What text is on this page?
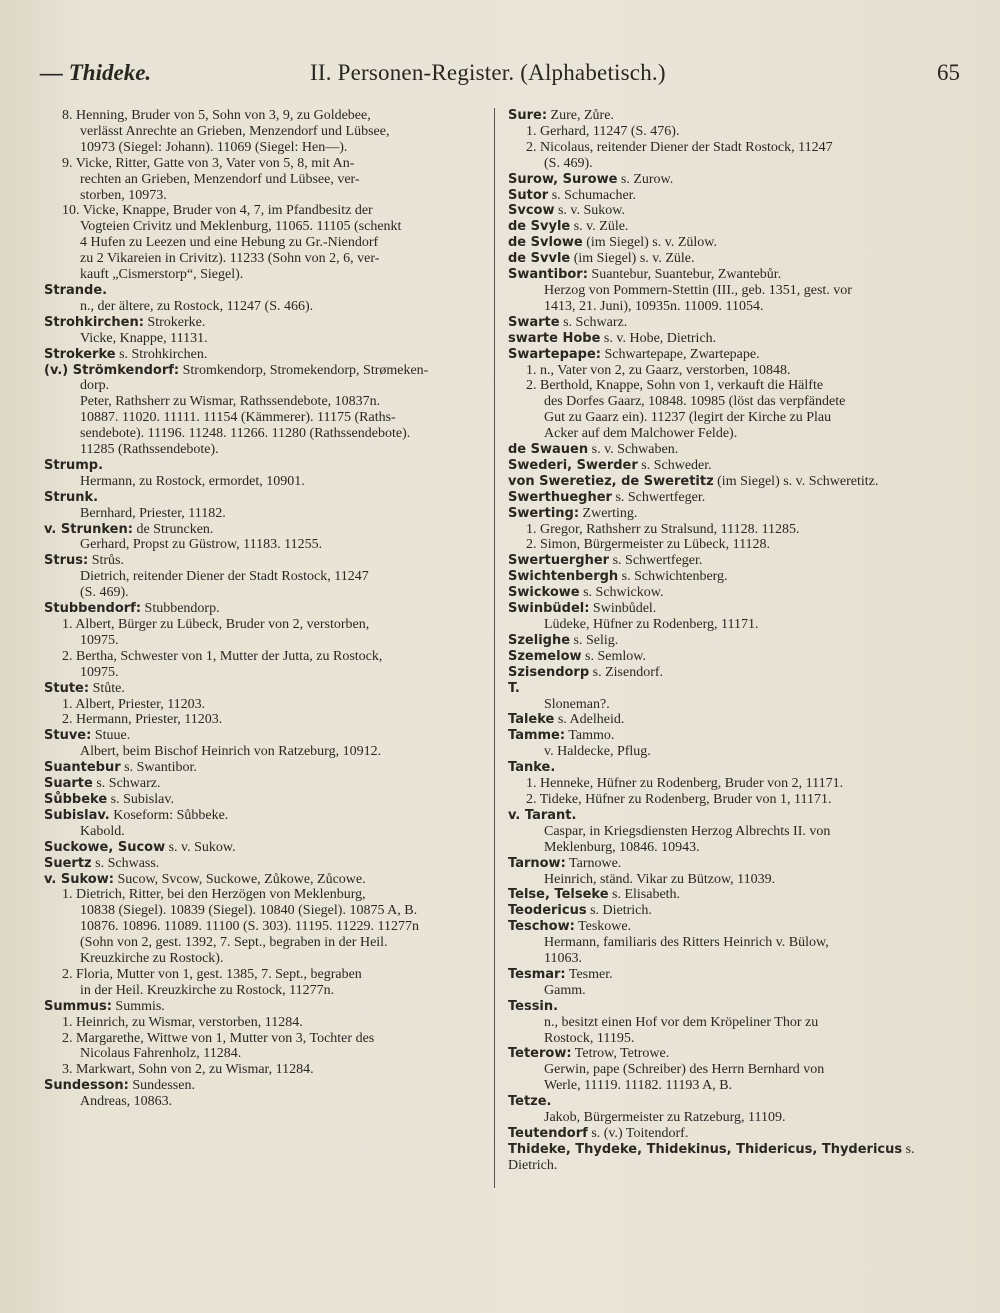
— Thideke.	II. Personen-Register. (Alphabetisch.)	65
8. Henning, Bruder von 5, Sohn von 3, 9, zu Goldebee,
verlässt Anrechte an Grieben, Menzendorf und Lübsee,
10973 (Siegel: Johann). 11069 (Siegel: Hen—).
9. Vicke, Ritter, Gatte von 3, Vater von 5, 8, mit An-
rechten an Grieben, Menzendorf und Lübsee, ver-
storben, 10973.
10. Vicke, Knappe, Bruder von 4, 7, im Pfandbesitz der
Vogteien Crivitz und Meklenburg, 11065. 11105 (schenkt
4 Hufen zu Leezen und eine Hebung zu Gr.-Niendorf
zu 2 Vikareien in Crivitz). 11233 (Sohn von 2, 6, ver-
kauft „Cismerstorp“, Siegel).
Strande.
n., der ältere, zu Rostock, 11247 (S. 466).
Strohkirchen: Strokerke.
Vicke, Knappe, 11131.
Strokerke s. Strohkirchen.
(v.) Strömkendorf: Stromkendorp, Stromekendorp, Strømeken-
dorp.
Peter, Rathsherr zu Wismar, Rathssendebote, 10837n.
10887. 11020. 11111. 11154 (Kämmerer). 11175 (Raths-
sendebote). 11196. 11248. 11266. 11280 (Rathssendebote).
11285 (Rathssendebote).
Strump.
Hermann, zu Rostock, ermordet, 10901.
Strunk.
Bernhard, Priester, 11182.
v. Strunken: de Struncken.
Gerhard, Propst zu Güstrow, 11183. 11255.
Strus: Strůs.
Dietrich, reitender Diener der Stadt Rostock, 11247
(S. 469).
Stubbendorf: Stubbendorp.
1. Albert, Bürger zu Lübeck, Bruder von 2, verstorben,
10975.
2. Bertha, Schwester von 1, Mutter der Jutta, zu Rostock,
10975.
Stute: Stůte.
1. Albert, Priester, 11203.
2. Hermann, Priester, 11203.
Stuve: Stuue.
Albert, beim Bischof Heinrich von Ratzeburg, 10912.
Suantebur s. Swantibor.
Suarte s. Schwarz.
Sůbbeke s. Subislav.
Subislav. Koseform: Sůbbeke.
Kabold.
Suckowe, Sucow s. v. Sukow.
Suertz s. Schwass.
v. Sukow: Sucow, Svcow, Suckowe, Zůkowe, Zůcowe.
1. Dietrich, Ritter, bei den Herzögen von Meklenburg,
10838 (Siegel). 10839 (Siegel). 10840 (Siegel). 10875 A, B.
10876. 10896. 11089. 11100 (S. 303). 11195. 11229. 11277n
(Sohn von 2, gest. 1392, 7. Sept., begraben in der Heil.
Kreuzkirche zu Rostock).
2. Floria, Mutter von 1, gest. 1385, 7. Sept., begraben
in der Heil. Kreuzkirche zu Rostock, 11277n.
Summus: Summis.
1. Heinrich, zu Wismar, verstorben, 11284.
2. Margarethe, Wittwe von 1, Mutter von 3, Tochter des
Nicolaus Fahrenholz, 11284.
3. Markwart, Sohn von 2, zu Wismar, 11284.
Sundesson: Sundessen.
Andreas, 10863.
Sure: Zure, Zůre.
1. Gerhard, 11247 (S. 476).
2. Nicolaus, reitender Diener der Stadt Rostock, 11247
(S. 469).
Surow, Surowe s. Zurow.
Sutor s. Schumacher.
Svcow s. v. Sukow.
de Svyle s. v. Züle.
de Svlowe (im Siegel) s. v. Zülow.
de Svvle (im Siegel) s. v. Züle.
Swantibor: Suantebur, Suantebur, Zwantebůr.
Herzog von Pommern-Stettin (III., geb. 1351, gest. vor
1413, 21. Juni), 10935n. 11009. 11054.
Swarte s. Schwarz.
swarte Hobe s. v. Hobe, Dietrich.
Swartepape: Schwartepape, Zwartepape.
1. n., Vater von 2, zu Gaarz, verstorben, 10848.
2. Berthold, Knappe, Sohn von 1, verkauft die Hälfte
des Dorfes Gaarz, 10848. 10985 (löst das verpfändete
Gut zu Gaarz ein). 11237 (legirt der Kirche zu Plau
Acker auf dem Malchower Felde).
de Swauen s. v. Schwaben.
Swederi, Swerder s. Schweder.
von Sweretiez, de Sweretitz (im Siegel) s. v. Schweretitz.
Swerthuegher s. Schwertfeger.
Swerting: Zwerting.
1. Gregor, Rathsherr zu Stralsund, 11128. 11285.
2. Simon, Bürgermeister zu Lübeck, 11128.
Swertuergher s. Schwertfeger.
Swichtenbergh s. Schwichtenberg.
Swickowe s. Schwickow.
Swinbüdel: Swinbůdel.
Lüdeke, Hüfner zu Rodenberg, 11171.
Szelighe s. Selig.
Szemelow s. Semlow.
Szisendorp s. Zisendorf.
T.
Sloneman?.
Taleke s. Adelheid.
Tamme: Tammo.
v. Haldecke, Pflug.
Tanke.
1. Henneke, Hüfner zu Rodenberg, Bruder von 2, 11171.
2. Tideke, Hüfner zu Rodenberg, Bruder von 1, 11171.
v. Tarant.
Caspar, in Kriegsdiensten Herzog Albrechts II. von
Meklenburg, 10846. 10943.
Tarnow: Tarnowe.
Heinrich, ständ. Vikar zu Bützow, 11039.
Telse, Telseke s. Elisabeth.
Teodericus s. Dietrich.
Teschow: Teskowe.
Hermann, familiaris des Ritters Heinrich v. Bülow,
11063.
Tesmar: Tesmer.
Gamm.
Tessin.
n., besitzt einen Hof vor dem Kröpeliner Thor zu
Rostock, 11195.
Teterow: Tetrow, Tetrowe.
Gerwin, pape (Schreiber) des Herrn Bernhard von
Werle, 11119. 11182. 11193 A, B.
Tetze.
Jakob, Bürgermeister zu Ratzeburg, 11109.
Teutendorf s. (v.) Toitendorf.
Thideke, Thydeke, Thidekinus, Thidericus, Thydericus s. Dietrich.
